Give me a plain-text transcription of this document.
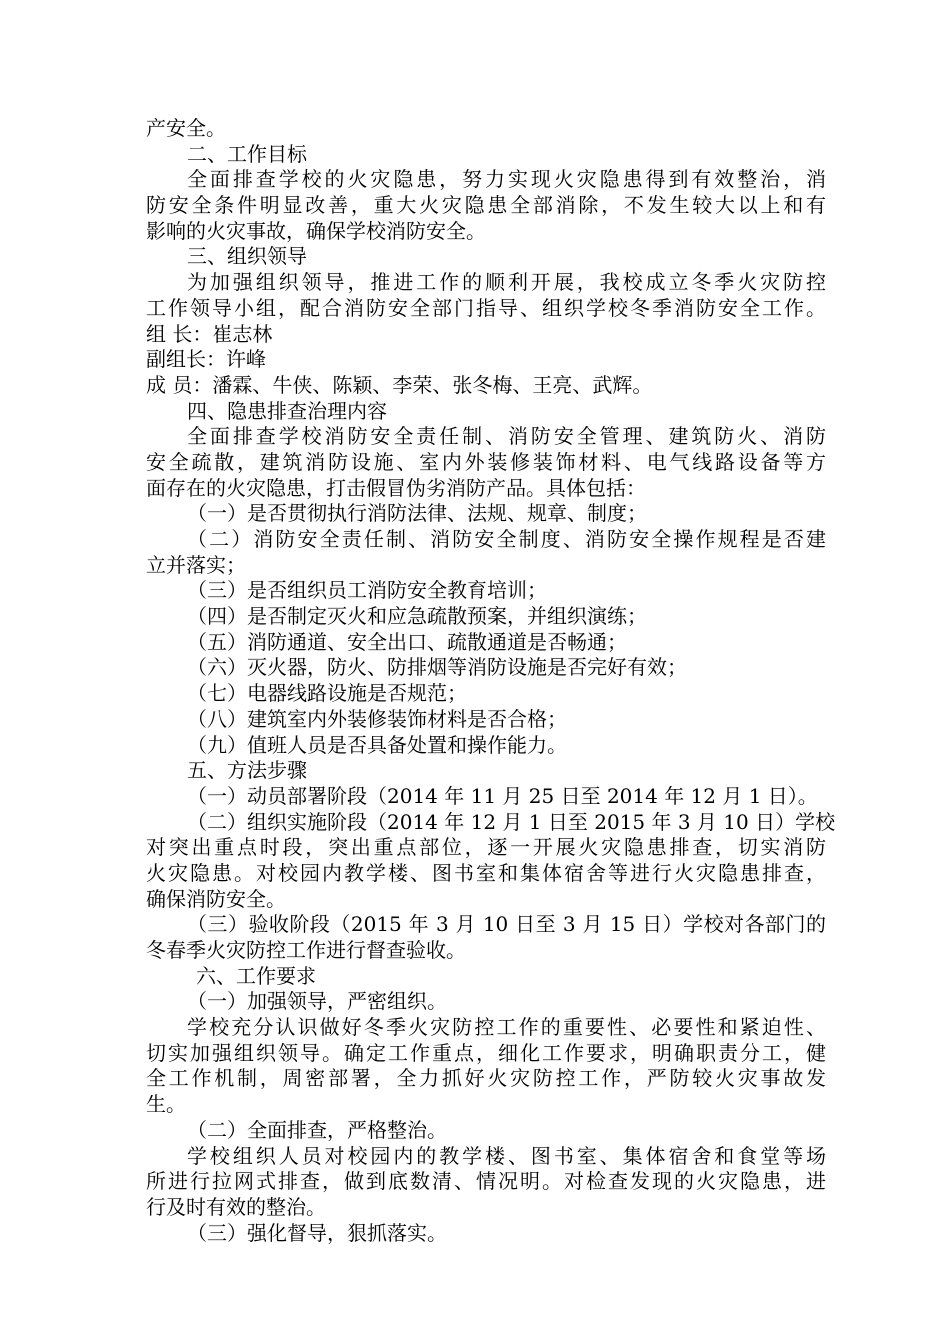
产安全。

二、工作目标

全面排查学校的火灾隐患，努力实现火灾隐患得到有效整治，消

防安全条件明显改善，重大火灾隐患全部消除，不发生较大以上和有

影响的火灾事故，确保学校消防安全。

三、组织领导

为加强组织领导，推进工作的顺利开展，我校成立冬季火灾防控

工作领导小组，配合消防安全部门指导、组织学校冬季消防安全工作。

组 长：崔志林

副组长：许峰

成 员：潘霖、牛侠、陈颖、李荣、张冬梅、王亮、武辉。

四、隐患排查治理内容

全面排查学校消防安全责任制、消防安全管理、建筑防火、消防

安全疏散，建筑消防设施、室内外装修装饰材料、电气线路设备等方

面存在的火灾隐患，打击假冒伪劣消防产品。具体包括：

（一）是否贯彻执行消防法律、法规、规章、制度；

（二）消防安全责任制、消防安全制度、消防安全操作规程是否建

立并落实；

（三）是否组织员工消防安全教育培训；

（四）是否制定灭火和应急疏散预案，并组织演练；

（五）消防通道、安全出口、疏散通道是否畅通；

（六）灭火器，防火、防排烟等消防设施是否完好有效；

（七）电器线路设施是否规范；

（八）建筑室内外装修装饰材料是否合格；

（九）值班人员是否具备处置和操作能力。

五、方法步骤

（一）动员部署阶段（2014 年 11 月 25 日至 2014 年 12 月 1 日）。

（二）组织实施阶段（2014 年 12 月 1 日至 2015 年 3 月 10 日）学校

对突出重点时段，突出重点部位，逐一开展火灾隐患排查，切实消防

火灾隐患。对校园内教学楼、图书室和集体宿舍等进行火灾隐患排查，

确保消防安全。

（三）验收阶段（2015 年 3 月 10 日至 3 月 15 日）学校对各部门的

冬春季火灾防控工作进行督查验收。

六、工作要求

（一）加强领导，严密组织。

学校充分认识做好冬季火灾防控工作的重要性、必要性和紧迫性、

切实加强组织领导。确定工作重点，细化工作要求，明确职责分工，健

全工作机制，周密部署，全力抓好火灾防控工作，严防较火灾事故发

生。

（二）全面排查，严格整治。

学校组织人员对校园内的教学楼、图书室、集体宿舍和食堂等场

所进行拉网式排查，做到底数清、情况明。对检查发现的火灾隐患，进

行及时有效的整治。

（三）强化督导，狠抓落实。
